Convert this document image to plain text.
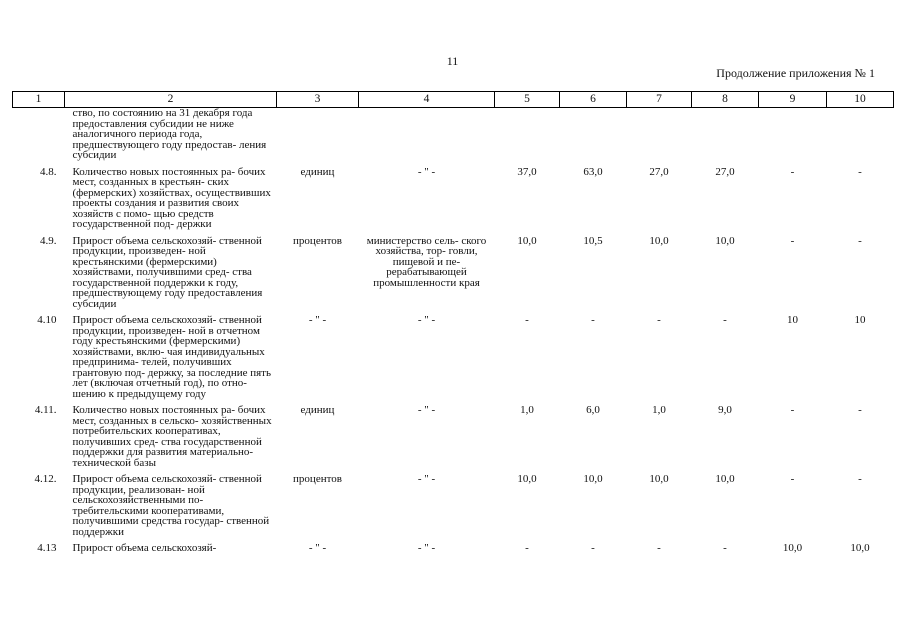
11
Продолжение приложения № 1
1	2	3	4	5	6	7	8	9	10
	ство, по состоянию на 31 декабря года предоставления субсидии не ниже аналогичного периода года, предшествующего году предостав- ления субсидии								
4.8.	Количество новых постоянных ра- бочих мест, созданных в крестьян- ских (фермерских) хозяйствах, осуществивших проекты создания и развития своих хозяйств с помо- щью средств государственной под- держки	единиц	- " -	37,0	63,0	27,0	27,0	-	-
4.9.	Прирост объема сельскохозяй- ственной продукции, произведен- ной крестьянскими (фермерскими) хозяйствами, получившими сред- ства государственной поддержки к году, предшествующему году предоставления субсидии	процентов	министерство сель- ского хозяйства, тор- говли, пищевой и пе- рерабатывающей промышленности края	10,0	10,5	10,0	10,0	-	-
4.10	Прирост объема сельскохозяй- ственной продукции, произведен- ной в отчетном году крестьянскими (фермерскими) хозяйствами, вклю- чая индивидуальных предпринима- телей, получивших грантовую под- держку, за последние пять лет (включая отчетный год), по отно- шению к предыдущему году	- " -	- " -	-	-	-	-	10	10
4.11.	Количество новых постоянных ра- бочих мест, созданных в сельско- хозяйственных потребительских кооперативах, получивших сред- ства государственной поддержки для развития материально- технической базы	единиц	- " -	1,0	6,0	1,0	9,0	-	-
4.12.	Прирост объема сельскохозяй- ственной продукции, реализован- ной сельскохозяйственными по- требительскими кооперативами, получившими средства государ- ственной поддержки	процентов	- " -	10,0	10,0	10,0	10,0	-	-
4.13	Прирост объема сельскохозяй-	- " -	- " -	-	-	-	-	10,0	10,0
